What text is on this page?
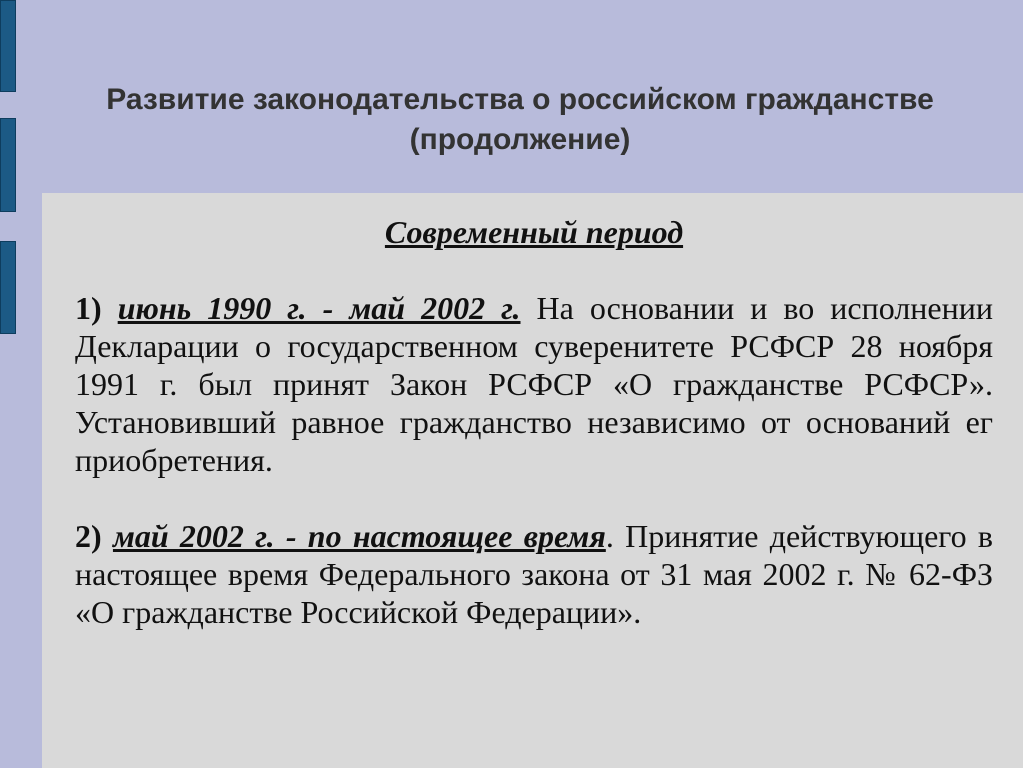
Развитие законодательства о российском гражданстве (продолжение)

Современный период

1) июнь 1990 г. - май 2002 г. На основании и во исполнении Декларации о государственном суверенитете РСФСР 28 ноября 1991 г. был принят Закон РСФСР «О гражданстве РСФСР». Установивший равное гражданство независимо от оснований ег приобретения.

2) май 2002 г. - по настоящее время. Принятие действующего в настоящее время Федерального закона от 31 мая 2002 г. № 62-ФЗ «О гражданстве Российской Федерации».
